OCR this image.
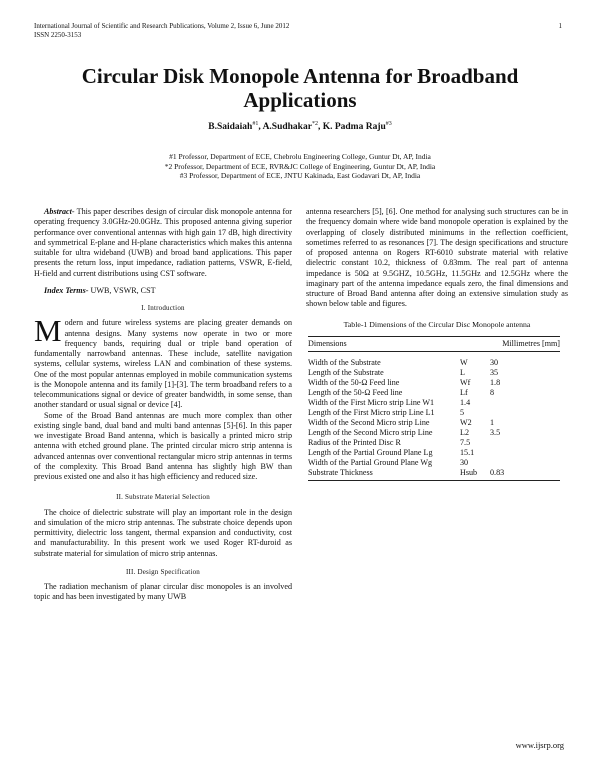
International Journal of Scientific and Research Publications, Volume 2, Issue 6, June 2012
ISSN 2250-3153
1
Circular Disk Monopole Antenna for Broadband Applications
B.Saidaiah$^{\#1}$, A.Sudhakar$^{*2}$, K. Padma Raju$^{\#3}$
#1 Professor, Department of ECE, Chebrolu Engineering College, Guntur Dt, AP, India
*2 Professor, Department of ECE, RVR&JC College of Engineering, Guntur Dt, AP, India
#3 Professor, Department of ECE, JNTU Kakinada, East Godavari Dt, AP, India

Abstract- This paper describes design of circular disk monopole antenna for operating frequency 3.0GHz-20.0GHz. This proposed antenna giving superior performance over conventional antennas with high gain 17 dB, high directivity and symmetrical E-plane and H-plane characteristics which makes this antenna suitable for ultra wideband (UWB) and broad band applications. This paper presents the return loss, input impedance, radiation patterns, VSWR, E-field, H-field and current distributions using CST software.

Index Terms- UWB, VSWR, CST

I. Introduction

Modern and future wireless systems are placing greater demands on antenna designs. Many systems now operate in two or more frequency bands, requiring dual or triple band operation of fundamentally narrowband antennas. These include, satellite navigation systems, cellular systems, wireless LAN and combination of these systems. One of the most popular antennas employed in mobile communication systems is the Monopole antenna and its family [1]-[3]. The term broadband refers to a telecommunications signal or device of greater bandwidth, in some sense, than another standard or usual signal or device [4].

Some of the Broad Band antennas are much more complex than other existing single band, dual band and multi band antennas [5]-[6]. In this paper we investigate Broad Band antenna, which is basically a printed micro strip antenna with etched ground plane. The printed circular micro strip antenna is advanced antennas over conventional rectangular micro strip antennas in terms of the complexity. This Broad Band antenna has slightly high BW than previous existed one and also it has high efficiency and reduced size.

II. Substrate Material Selection

The choice of dielectric substrate will play an important role in the design and simulation of the micro strip antennas. The substrate choice depends upon permittivity, dielectric loss tangent, thermal expansion and conductivity, cost and manufacturability. In this present work we used Roger RT-duroid as substrate material for simulation of micro strip antennas.

III. Design Specification

The radiation mechanism of planar circular disc monopoles is an involved topic and has been investigated by many UWB

antenna researchers [5], [6]. One method for analysing such structures can be in the frequency domain where wide band monopole operation is explained by the overlapping of closely distributed minimums in the reflection coefficient, sometimes referred to as resonances [7]. The design specifications and structure of proposed antenna on Rogers RT-6010 substrate material with relative dielectric constant 10.2, thickness of 0.83mm. The real part of antenna impedance is 50Ω at 9.5GHZ, 10.5GHz, 11.5GHz and 12.5GHz where the imaginary part of the antenna impedance equals zero, the final dimensions and structure of Broad Band antenna after doing an extensive simulation study as shown below table and figures.

Table-1 Dimensions of the Circular Disc Monopole antenna
Dimensions		Millimetres [mm]	

Width of the Substrate	W	30	
Length of the Substrate	L	35	
Width of the 50-Ω Feed line	Wf	1.8	
Length of the 50-Ω Feed line	Lf	8	
Width of the First Micro strip Line W1	1.4		
Length of the First Micro strip Line L1	5		
Width of the Second Micro strip Line	W2	1	
Length of the Second Micro strip Line	L2	3.5	
Radius of the Printed Disc R	7.5		
Length of the Partial Ground Plane Lg	15.1		
Width of the Partial Ground Plane Wg	30		
Substrate Thickness	Hsub	0.83	
www.ijsrp.org
